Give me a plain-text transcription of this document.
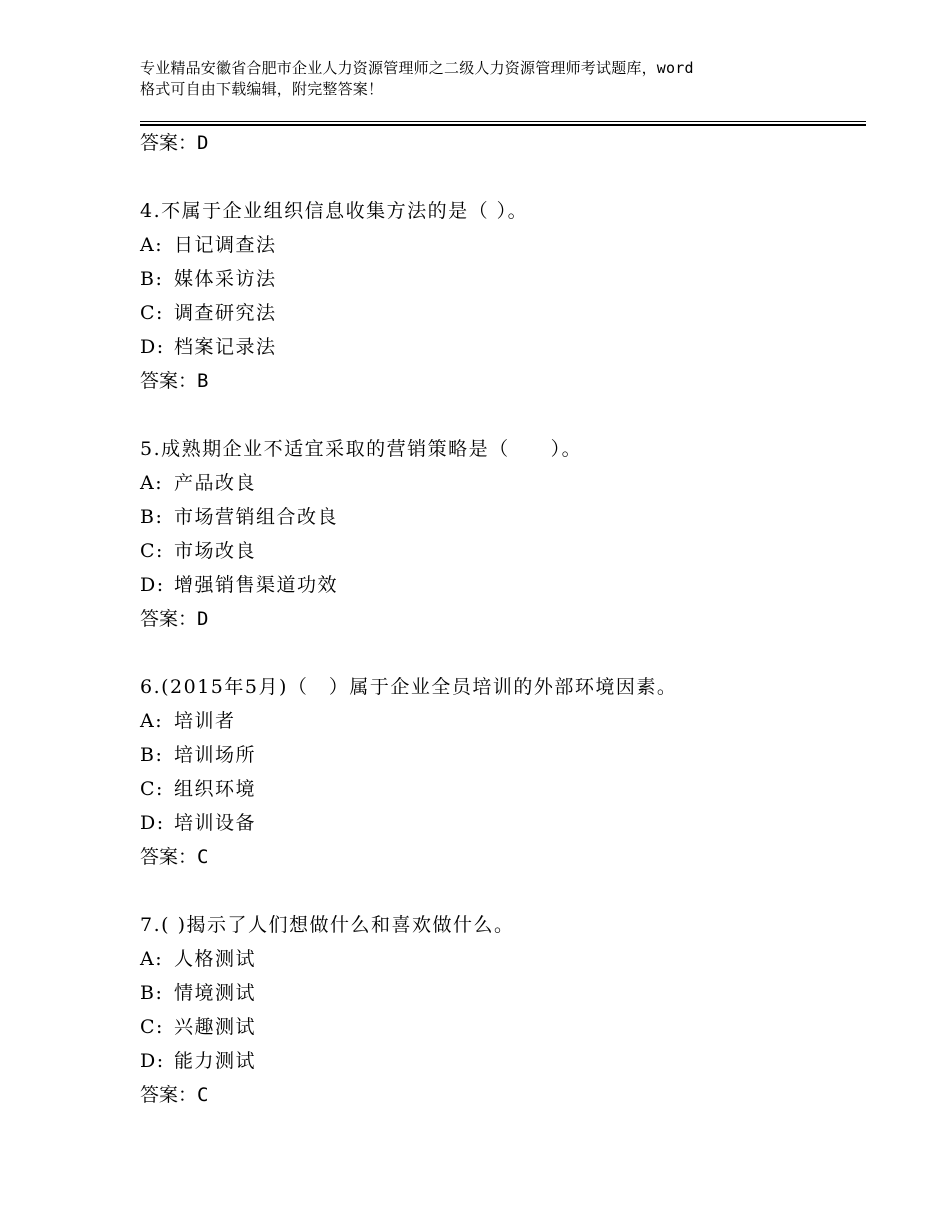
专业精品安徽省合肥市企业人力资源管理师之二级人力资源管理师考试题库，word
格式可自由下载编辑，附完整答案！
答案：D
4.不属于企业组织信息收集方法的是（ ）。
A: 日记调查法
B: 媒体采访法
C: 调查研究法
D: 档案记录法
答案：B
5.成熟期企业不适宜采取的营销策略是（　　）。
A: 产品改良
B: 市场营销组合改良
C: 市场改良
D: 增强销售渠道功效
答案：D
6.(2015年5月)（　）属于企业全员培训的外部环境因素。
A: 培训者
B: 培训场所
C: 组织环境
D: 培训设备
答案：C
7.( )揭示了人们想做什么和喜欢做什么。
A: 人格测试
B: 情境测试
C: 兴趣测试
D: 能力测试
答案：C
